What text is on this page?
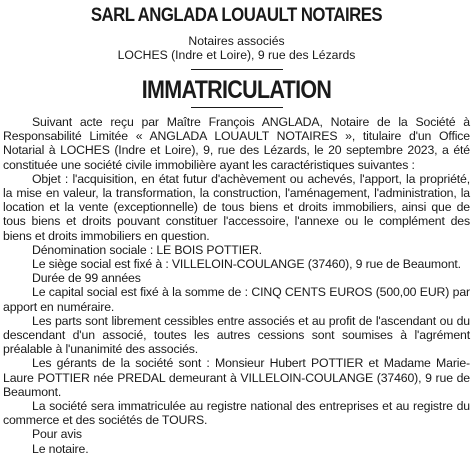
SARL ANGLADA LOUAULT NOTAIRES

Notaires associés

LOCHES (Indre et Loire), 9 rue des Lézards

IMMATRICULATION

Suivant acte reçu par Maître François ANGLADA, Notaire de la Société à Responsabilité Limitée « ANGLADA LOUAULT NOTAIRES », titulaire d'un Office Notarial à LOCHES (Indre et Loire), 9, rue des Lézards, le 20 septembre 2023, a été constituée une société civile immobilière ayant les caractéristiques suivantes :

Objet : l'acquisition, en état futur d'achèvement ou achevés, l'apport, la propriété, la mise en valeur, la transformation, la construction, l'aménagement, l'administration, la location et la vente (exceptionnelle) de tous biens et droits immobiliers, ainsi que de tous biens et droits pouvant constituer l'accessoire, l'annexe ou le complément des biens et droits immobiliers en question.

Dénomination sociale : LE BOIS POTTIER.

Le siège social est fixé à : VILLELOIN-COULANGE (37460), 9 rue de Beaumont.

Durée de 99 années

Le capital social est fixé à la somme de : CINQ CENTS EUROS (500,00 EUR) par apport en numéraire.

Les parts sont librement cessibles entre associés et au profit de l'ascendant ou du descendant d'un associé, toutes les autres cessions sont soumises à l'agrément préalable à l'unanimité des associés.

Les gérants de la société sont : Monsieur Hubert POTTIER et Madame Marie-Laure POTTIER née PREDAL demeurant à VILLELOIN-COULANGE (37460), 9 rue de Beaumont.

La société sera immatriculée au registre national des entreprises et au registre du commerce et des sociétés de TOURS.

Pour avis

Le notaire.
